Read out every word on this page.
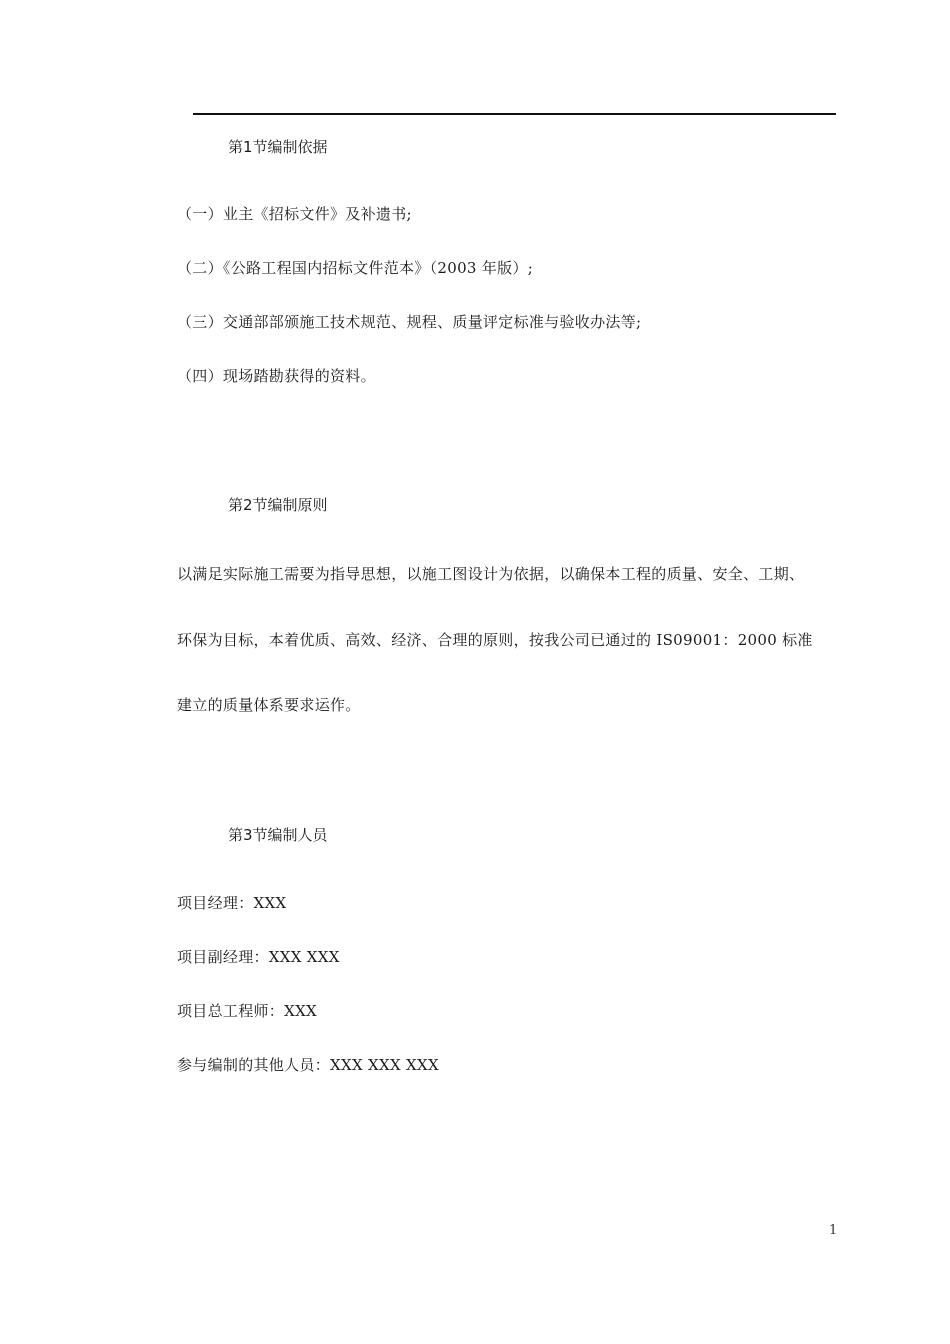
第1节编制依据
（一）业主《招标文件》及补遗书;
（二）《公路工程国内招标文件范本》（2003 年版）;
（三）交通部部颁施工技术规范、规程、质量评定标准与验收办法等;
（四）现场踏勘获得的资料。
第2节编制原则
以满足实际施工需要为指导思想，以施工图设计为依据，以确保本工程的质量、安全、工期、
环保为目标，本着优质、高效、经济、合理的原则，按我公司已通过的 IS09001：2000 标准
建立的质量体系要求运作。
第3节编制人员
项目经理：XXX
项目副经理：XXX XXX
项目总工程师：XXX
参与编制的其他人员：XXX XXX XXX
1
